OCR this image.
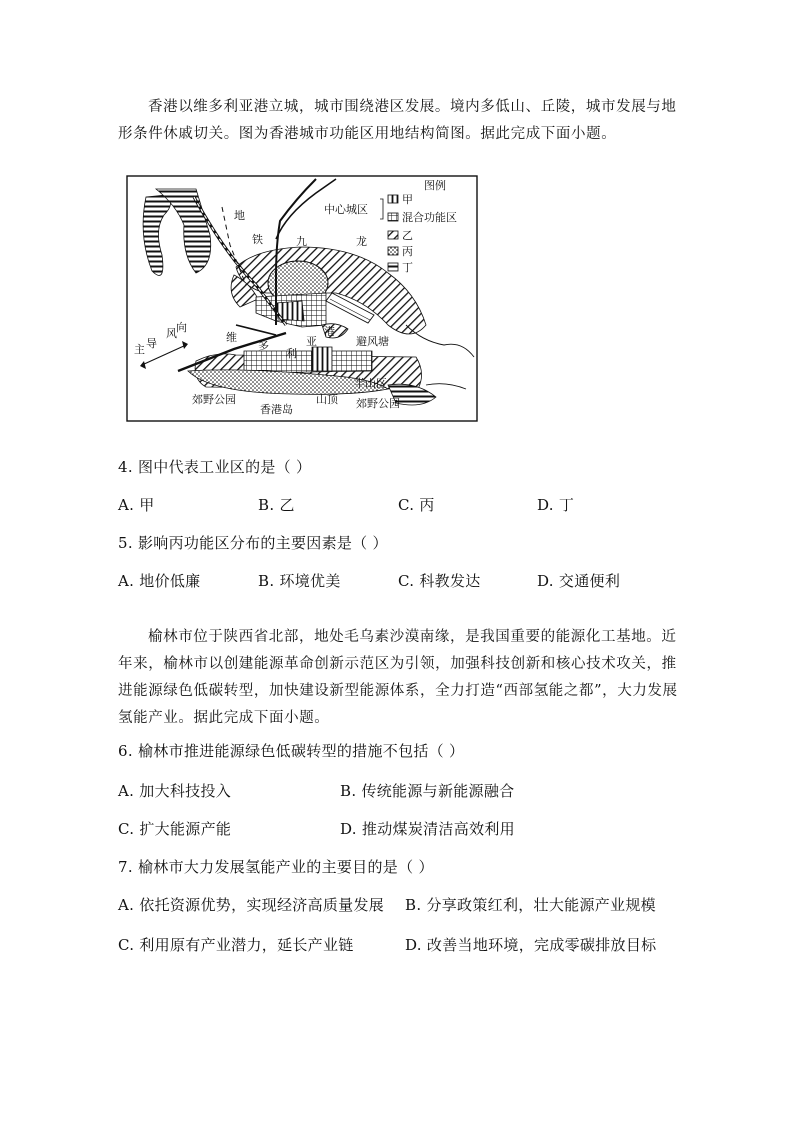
香港以维多利亚港立城，城市围绕港区发展。境内多低山、丘陵，城市发展与地形条件休戚切关。图为香港城市功能区用地结构简图。据此完成下面小题。
图例
中心城区
甲
混合功能区
乙
丙
丁
地
铁	九	龙
风 向
主 导	维
多
利
亚
港
避风塘
半山区
山顶
郊野公园	郊野公园
香港岛
4. 图中代表工业区的是（ ）
A. 甲	B. 乙	C. 丙	D. 丁
5. 影响丙功能区分布的主要因素是（ ）
A. 地价低廉	B. 环境优美	C. 科教发达	D. 交通便利
榆林市位于陕西省北部，地处毛乌素沙漠南缘，是我国重要的能源化工基地。近年来，榆林市以创建能源革命创新示范区为引领，加强科技创新和核心技术攻关，推进能源绿色低碳转型，加快建设新型能源体系，全力打造“西部氢能之都”，大力发展氢能产业。据此完成下面小题。
6. 榆林市推进能源绿色低碳转型的措施不包括（ ）
A. 加大科技投入	B. 传统能源与新能源融合
C. 扩大能源产能	D. 推动煤炭清洁高效利用
7. 榆林市大力发展氢能产业的主要目的是（ ）
A. 依托资源优势，实现经济高质量发展 B. 分享政策红利，壮大能源产业规模
C. 利用原有产业潜力，延长产业链	D. 改善当地环境，完成零碳排放目标
